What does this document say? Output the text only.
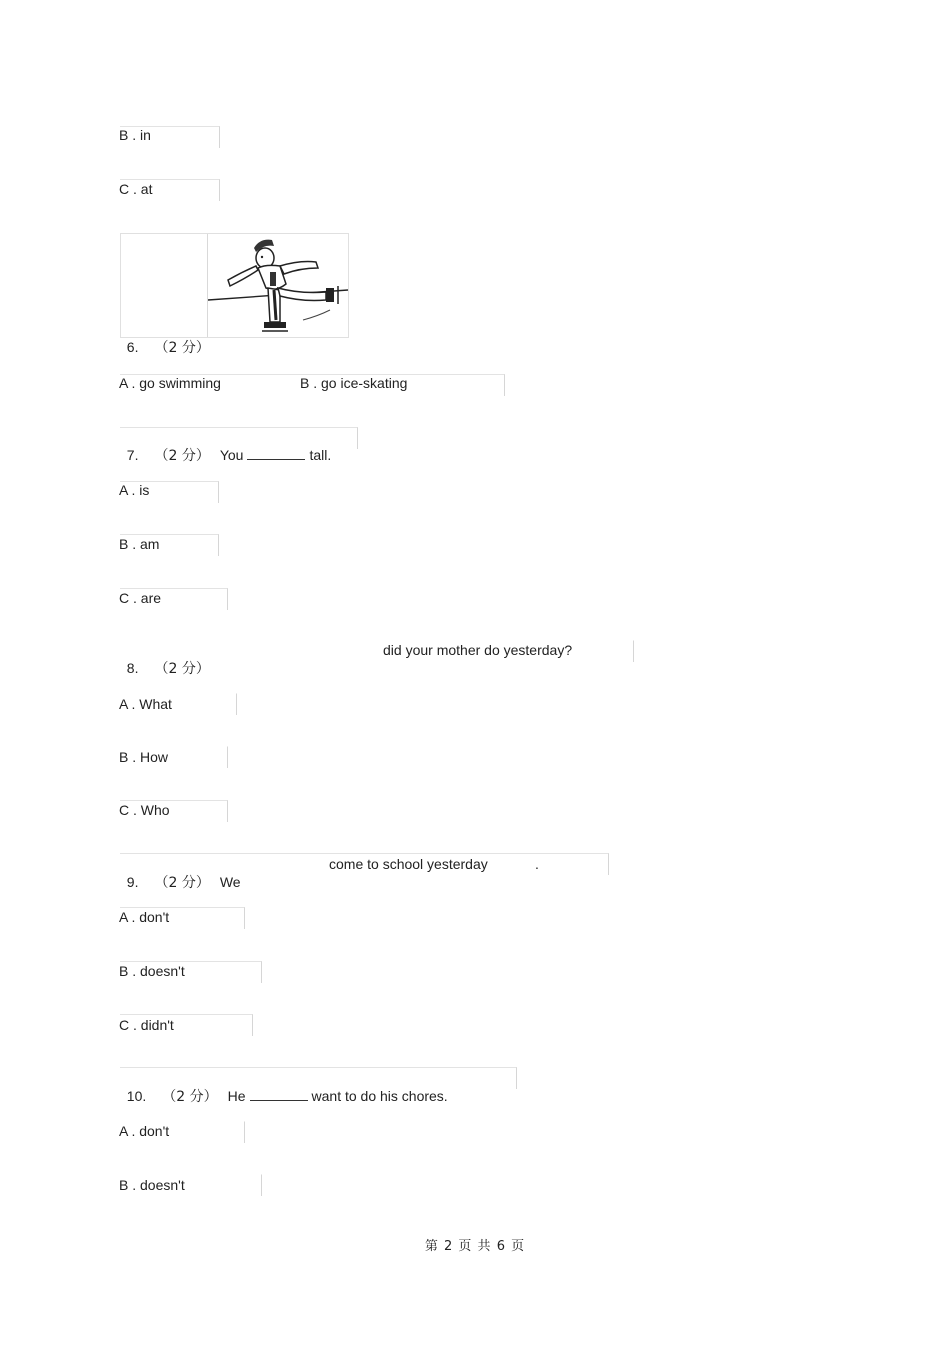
B . in
C . at

6. （2 分）

A . go swimming	B . go ice-skating

7. （2 分） You	tall.

A . is
B . am
C . are

8. （2 分）

did your mother do yesterday?
A . What
B . How
C . Who

9. （2 分） We

come to school yesterday	.
A . don't
B . doesn't
C . didn't

10. （2 分） He	want to do his chores.

A . don't
B . doesn't
第 2 页 共 6 页
